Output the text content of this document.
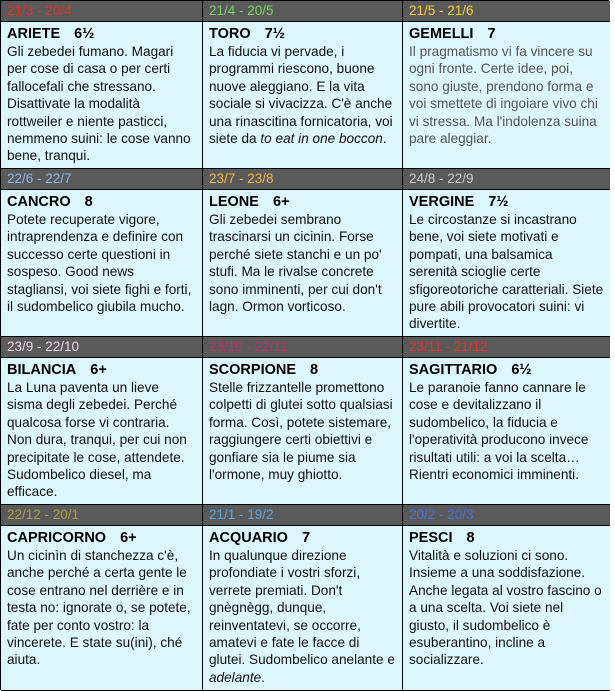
21/3 - 20/4	21/4 - 20/5	21/5 - 21/6
ARIETE 6½
Gli zebedei fumano. Magari per cose di casa o per certi fallocefali che stressano. Disattivate la modalità rottweiler e niente pasticci, nemmeno suini: le cose vanno bene, tranqui.
TORO 7½
La fiducia vi pervade, i programmi riescono, buone nuove aleggiano. E la vita sociale si vivacizza. C'è anche una rinascitina fornicatoria, voi siete da to eat in one boccon.
GEMELLI 7
Il pragmatismo vi fa vincere su ogni fronte. Certe idee, poi, sono giuste, prendono forma e voi smettete di ingoiare vivo chi vi stressa. Ma l'indolenza suina pare aleggiar.
22/6 - 22/7	23/7 - 23/8	24/8 - 22/9
CANCRO 8
Potete recuperate vigore, intraprendenza e definire con successo certe questioni in sospeso. Good news stagliansi, voi siete fighi e forti, il sudombelico giubila mucho.
LEONE 6+
Gli zebedei sembrano trascinarsi un cicinin. Forse perché siete stanchi e un po' stufi. Ma le rivalse concrete sono imminenti, per cui don't lagn. Ormon vorticoso.
VERGINE 7½
Le circostanze si incastrano bene, voi siete motivati e pompati, una balsamica serenità scioglie certe sfigoreotoriche caratteriali. Siete pure abili provocatori suini: vi divertite.
23/9 - 22/10	23/10 - 22/11	23/11 - 21/12
BILANCIA 6+
La Luna paventa un lieve sisma degli zebedei. Perché qualcosa forse vi contraria. Non dura, tranqui, per cui non precipitate le cose, attendete. Sudombelico diesel, ma efficace.
SCORPIONE 8
Stelle frizzantelle promettono colpetti di glutei sotto qualsiasi forma. Così, potete sistemare, raggiungere certi obiettivi e gonfiare sia le piume sia l'ormone, muy ghiotto.
SAGITTARIO 6½
Le paranoie fanno cannare le cose e devitalizzano il sudombelico, la fiducia e l'operatività producono invece risultati utili: a voi la scelta… Rientri economici imminenti.
22/12 - 20/1	21/1 - 19/2	20/2 - 20/3
CAPRICORNO 6+
Un cicinìn di stanchezza c'è, anche perché a certa gente le cose entrano nel derrière e in testa no: ignorate o, se potete, fate per conto vostro: la vincerete. E state su(ini), ché aiuta.
ACQUARIO 7
In qualunque direzione profondiate i vostri sforzi, verrete premiati. Don't gnègnègg, dunque, reinventatevi, se occorre, amatevi e fate le facce di glutei. Sudombelico anelante e adelante.
PESCI 8
Vitalità e soluzioni ci sono. Insieme a una soddisfazione. Anche legata al vostro fascino o a una scelta. Voi siete nel giusto, il sudombelico è esuberantino, incline a socializzare.
